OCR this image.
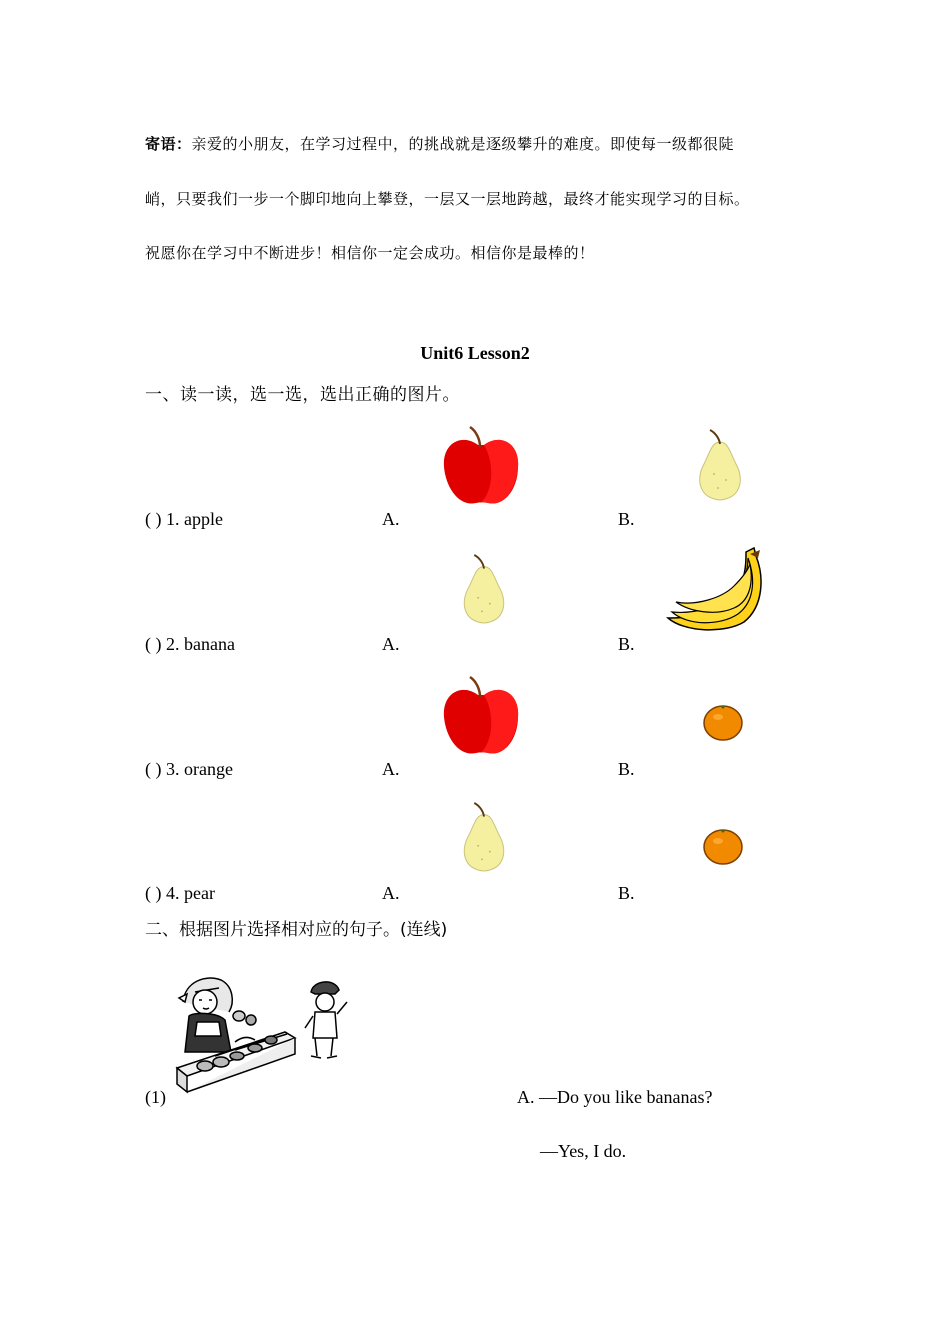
寄语：亲爱的小朋友，在学习过程中，的挑战就是逐级攀升的难度。即使每一级都很陡
峭，只要我们一步一个脚印地向上攀登，一层又一层地跨越，最终才能实现学习的目标。
祝愿你在学习中不断进步！相信你一定会成功。相信你是最棒的！
Unit6 Lesson2
一、读一读，选一选，选出正确的图片。
( ) 1. apple	A.	B.
( ) 2. banana	A.	B.
( ) 3. orange	A.	B.
( ) 4. pear	A.	B.
二、根据图片选择相对应的句子。(连线)
(1)	A. —Do you like bananas?
—Yes, I do.
